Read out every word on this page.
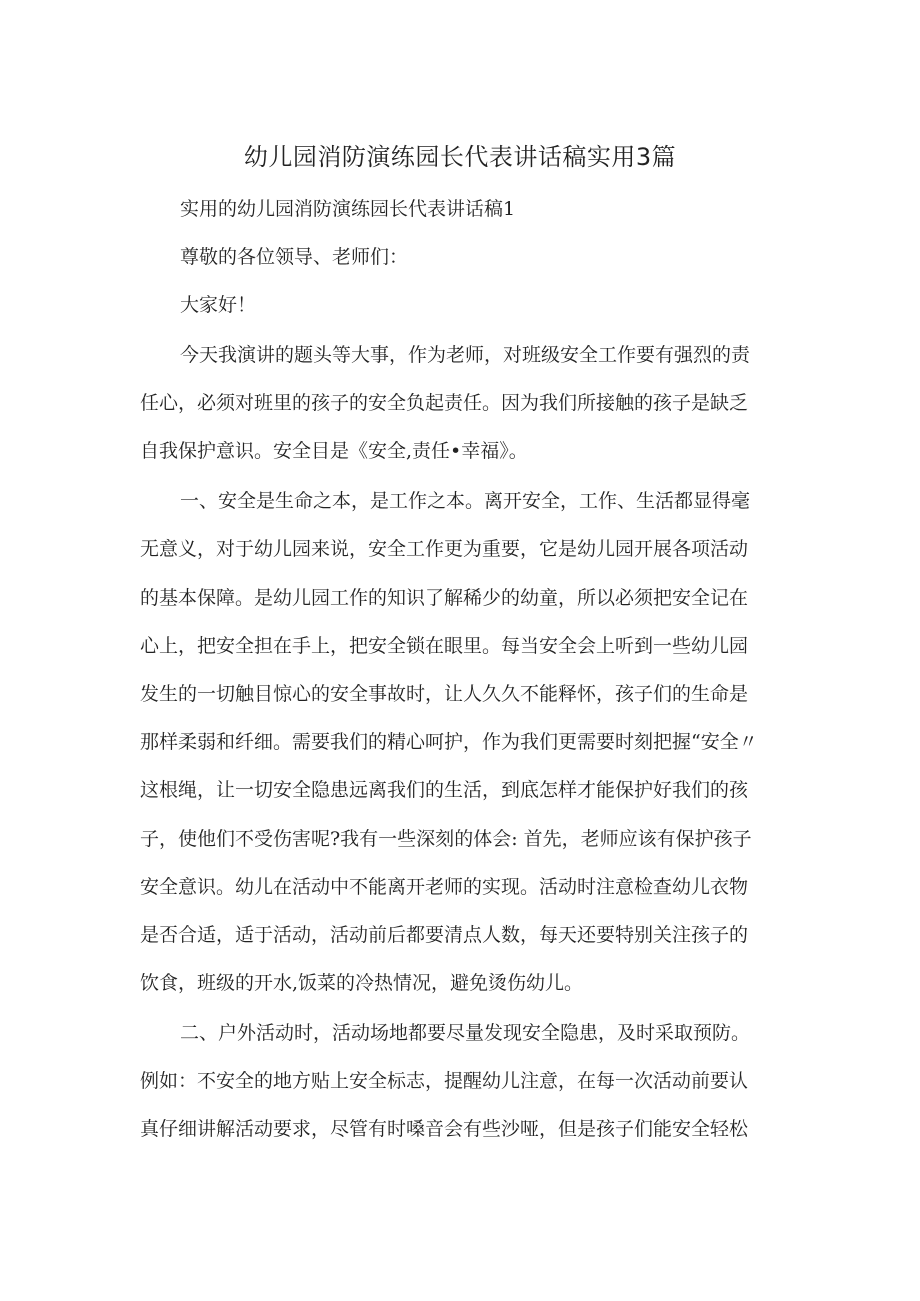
幼儿园消防演练园长代表讲话稿实用3篇

实用的幼儿园消防演练园长代表讲话稿1

尊敬的各位领导、老师们：

大家好！

今天我演讲的题头等大事，作为老师，对班级安全工作要有强烈的责

任心，必须对班里的孩子的安全负起责任。因为我们所接触的孩子是缺乏

自我保护意识。安全目是《安全,责任•幸福》。

一、安全是生命之本，是工作之本。离开安全，工作、生活都显得毫

无意义，对于幼儿园来说，安全工作更为重要，它是幼儿园开展各项活动

的基本保障。是幼儿园工作的知识了解稀少的幼童，所以必须把安全记在

心上，把安全担在手上，把安全锁在眼里。每当安全会上听到一些幼儿园

发生的一切触目惊心的安全事故时，让人久久不能释怀，孩子们的生命是

那样柔弱和纤细。需要我们的精心呵护，作为我们更需要时刻把握“安全〃

这根绳，让一切安全隐患远离我们的生活，到底怎样才能保护好我们的孩

子，使他们不受伤害呢?我有一些深刻的体会: 首先，老师应该有保护孩子

安全意识。幼儿在活动中不能离开老师的实现。活动时注意检查幼儿衣物

是否合适，适于活动，活动前后都要清点人数，每天还要特别关注孩子的

饮食，班级的开水,饭菜的冷热情况，避免烫伤幼儿。

二、户外活动时，活动场地都要尽量发现安全隐患，及时采取预防。

例如：不安全的地方贴上安全标志，提醒幼儿注意，在每一次活动前要认

真仔细讲解活动要求，尽管有时嗓音会有些沙哑，但是孩子们能安全轻松
